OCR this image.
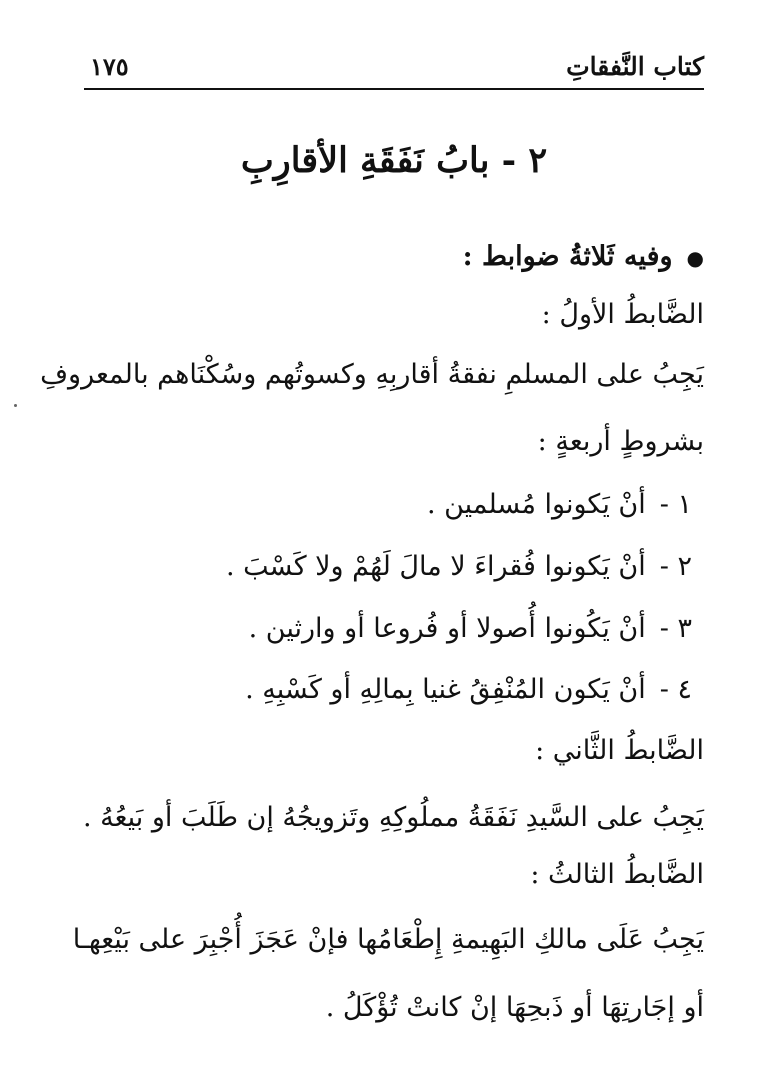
كتاب النَّفقاتِ
١٧٥
٢ - بابُ نَفَقَةِ الأقارِبِ
●وفيه ثَلاثةُ ضوابط :
الضَّابطُ الأولُ :
يَجِبُ على المسلمِ نفقةُ أقاربِهِ وكسوتُهم وسُكْنَاهم بالمعروفِ
بشروطٍ أربعةٍ :
١ -أنْ يَكونوا مُسلمين .
٢ -أنْ يَكونوا فُقراءَ لا مالَ لَهُمْ ولا كَسْبَ .
٣ -أنْ يَكُونوا أُصولا أو فُروعا أو وارثين .
٤ -أنْ يَكون المُنْفِقُ غنيا بِمالِهِ أو كَسْبِهِ .
الضَّابطُ الثَّاني :
يَجِبُ على السَّيدِ نَفَقَةُ مملُوكِهِ وتَزويجُهُ إن طَلَبَ أو بَيعُهُ .
الضَّابطُ الثالثُ :
يَجِبُ عَلَى مالكِ البَهِيمةِ إِطْعَامُها فإنْ عَجَزَ أُجْبِرَ على بَيْعِهـا
أو إجَارتِهَا أو ذَبحِهَا إنْ كانتْ تُؤْكَلُ .
